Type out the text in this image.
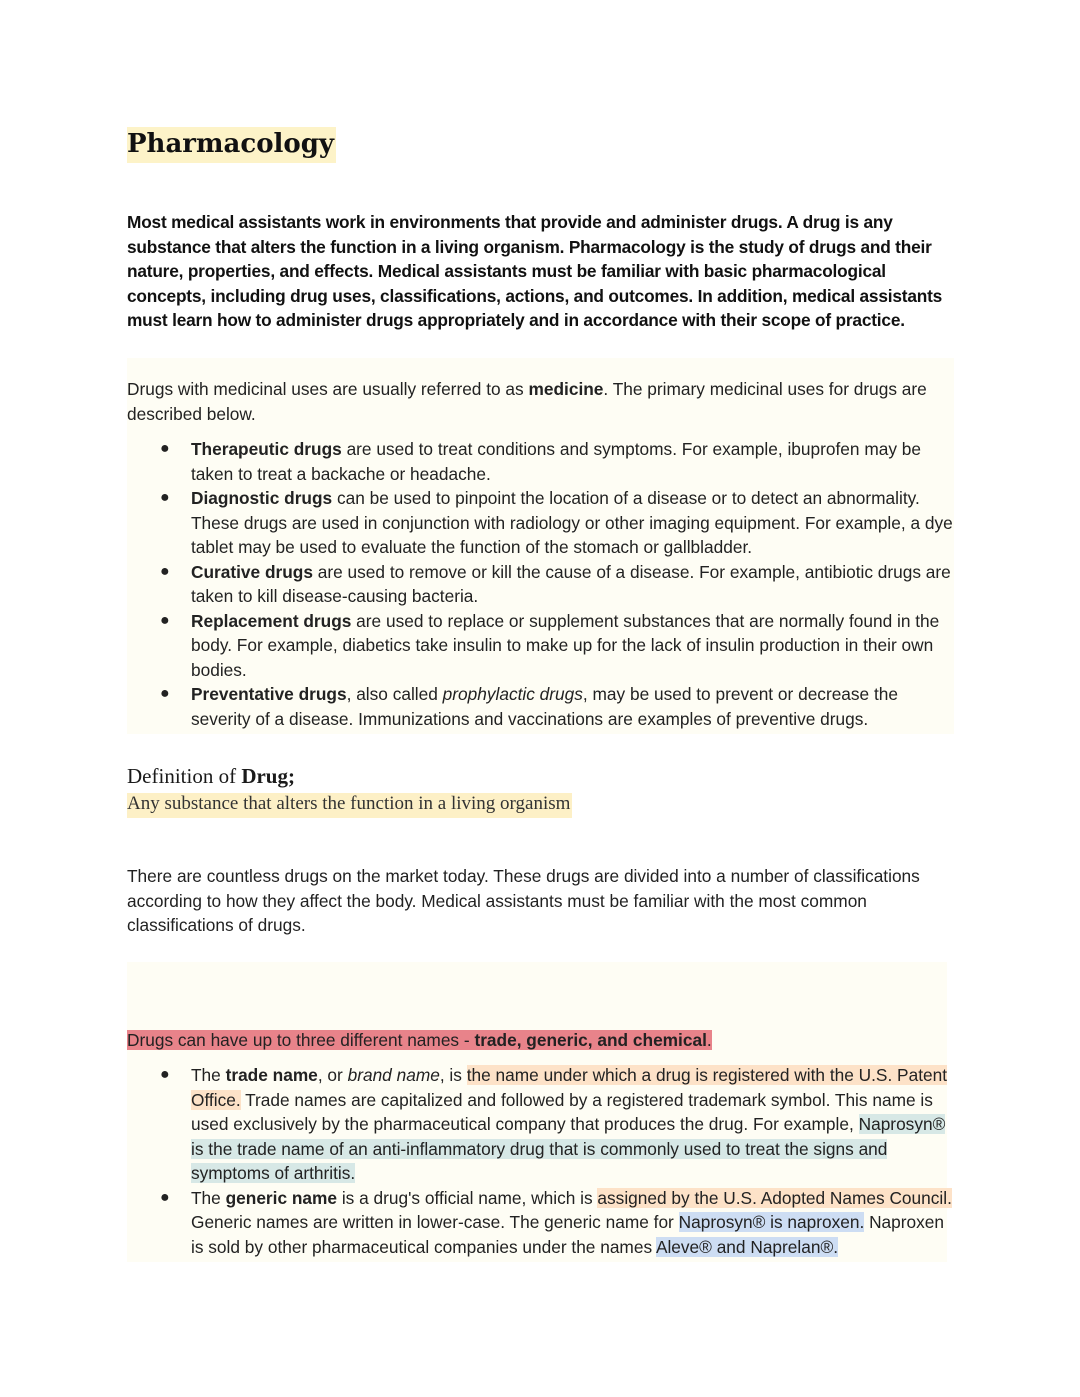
Pharmacology
Most medical assistants work in environments that provide and administer drugs. A drug is any substance that alters the function in a living organism. Pharmacology is the study of drugs and their nature, properties, and effects. Medical assistants must be familiar with basic pharmacological concepts, including drug uses, classifications, actions, and outcomes. In addition, medical assistants must learn how to administer drugs appropriately and in accordance with their scope of practice.
Drugs with medicinal uses are usually referred to as medicine. The primary medicinal uses for drugs are described below.
● Therapeutic drugs are used to treat conditions and symptoms. For example, ibuprofen may be taken to treat a backache or headache.
● Diagnostic drugs can be used to pinpoint the location of a disease or to detect an abnormality. These drugs are used in conjunction with radiology or other imaging equipment. For example, a dye tablet may be used to evaluate the function of the stomach or gallbladder.
● Curative drugs are used to remove or kill the cause of a disease. For example, antibiotic drugs are taken to kill disease-causing bacteria.
● Replacement drugs are used to replace or supplement substances that are normally found in the body. For example, diabetics take insulin to make up for the lack of insulin production in their own bodies.
● Preventative drugs, also called prophylactic drugs, may be used to prevent or decrease the severity of a disease. Immunizations and vaccinations are examples of preventive drugs.
Definition of Drug;
Any substance that alters the function in a living organism
There are countless drugs on the market today. These drugs are divided into a number of classifications according to how they affect the body. Medical assistants must be familiar with the most common classifications of drugs.
Drugs can have up to three different names - trade, generic, and chemical.
● The trade name, or brand name, is the name under which a drug is registered with the U.S. Patent Office. Trade names are capitalized and followed by a registered trademark symbol. This name is used exclusively by the pharmaceutical company that produces the drug. For example, Naprosyn® is the trade name of an anti-inflammatory drug that is commonly used to treat the signs and symptoms of arthritis.
● The generic name is a drug's official name, which is assigned by the U.S. Adopted Names Council. Generic names are written in lower-case. The generic name for Naprosyn® is naproxen. Naproxen is sold by other pharmaceutical companies under the names Aleve® and Naprelan®.
